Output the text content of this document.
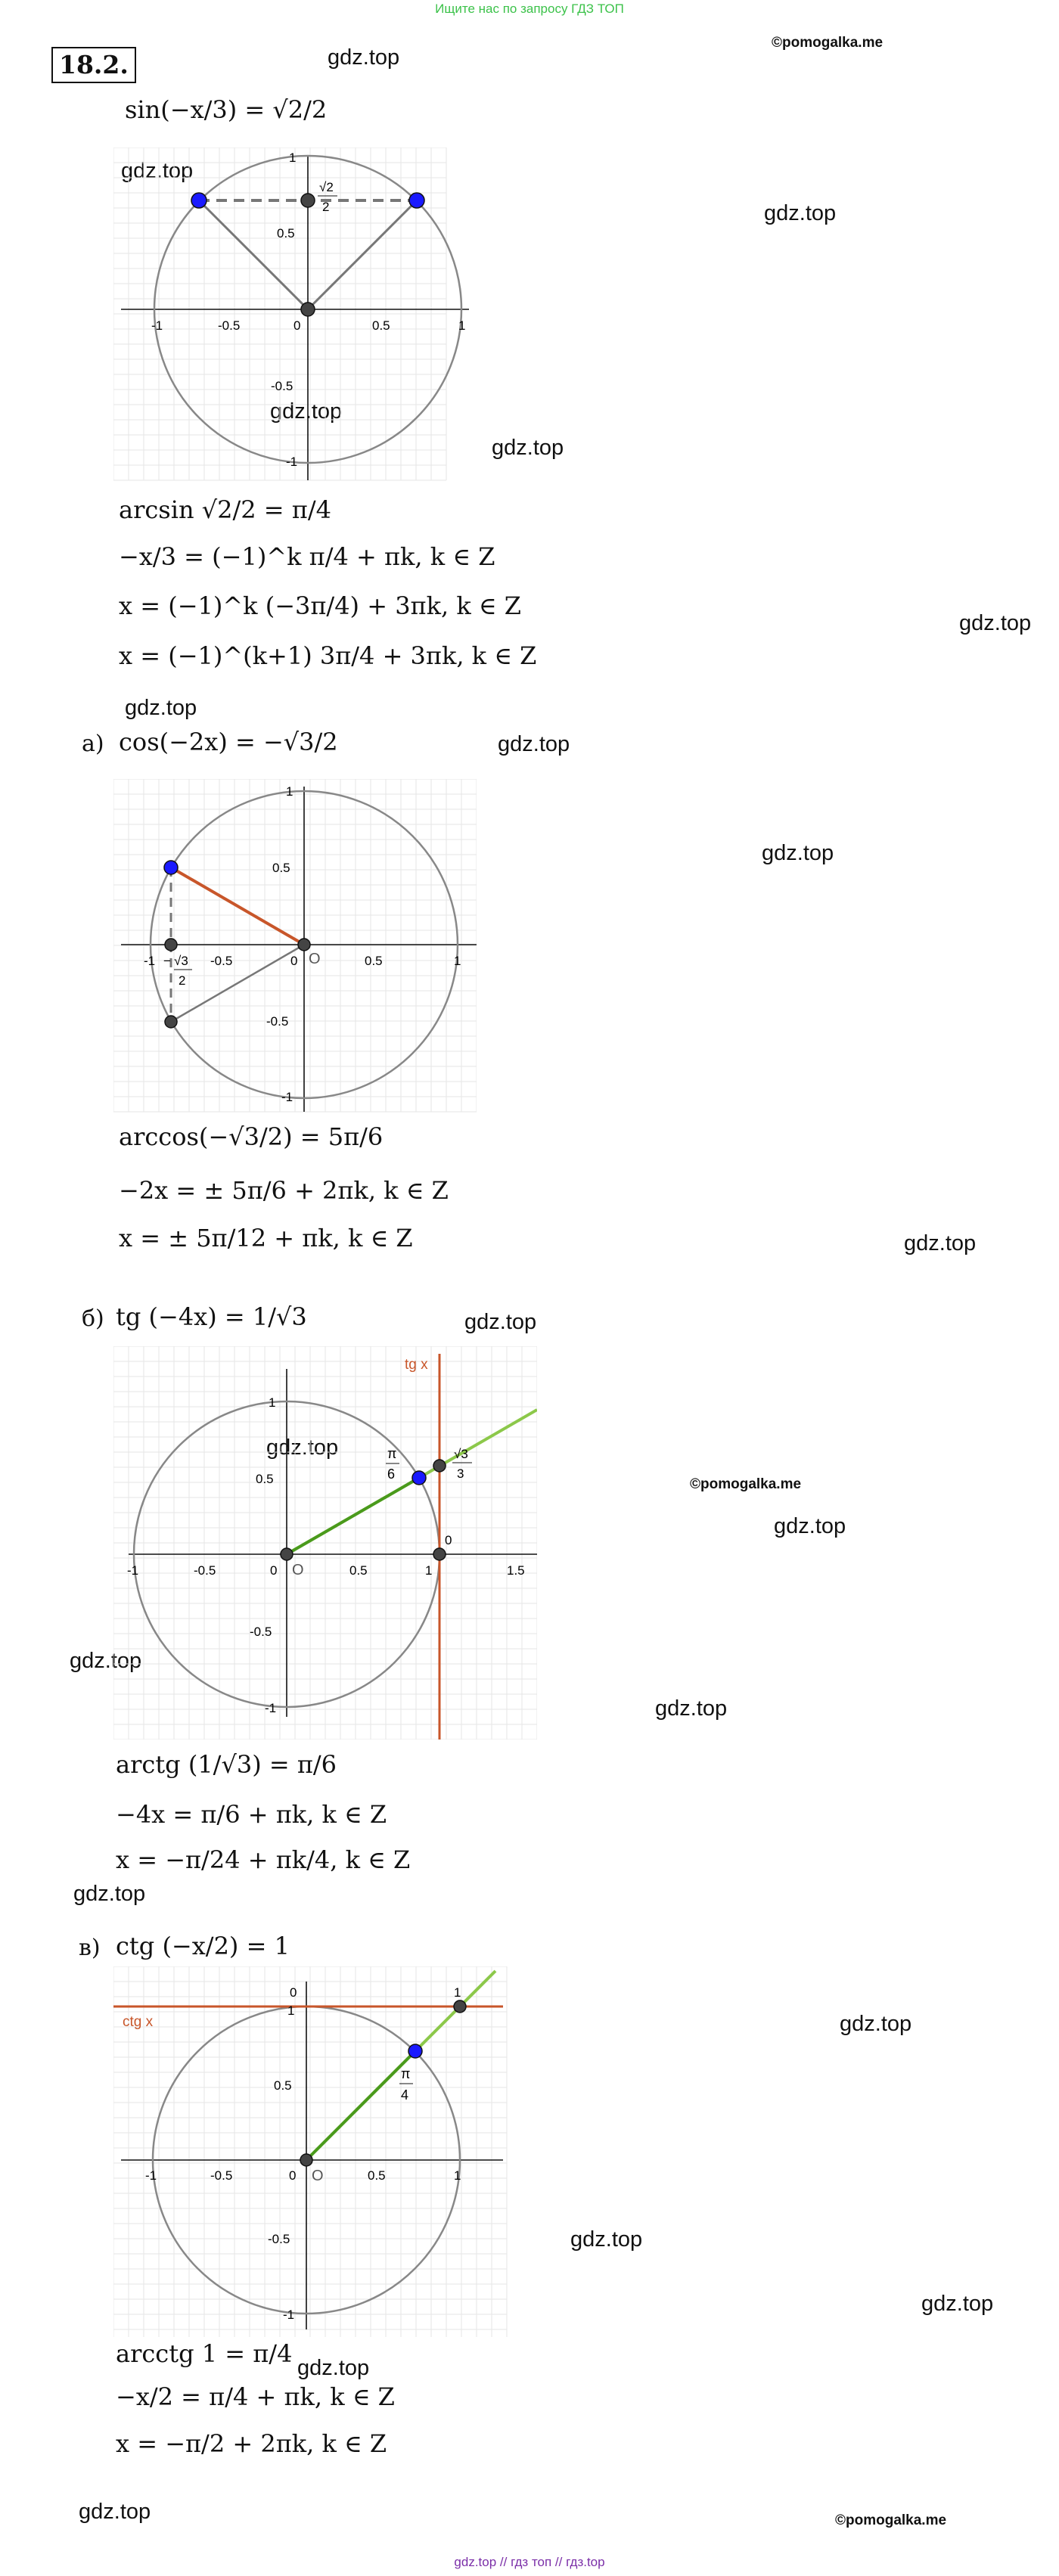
Ищите нас по запросу ГДЗ ТОП
18.2.
©pomogalka.me
gdz.top
gdz.top
gdz.top
gdz.top
gdz.top
gdz.top
gdz.top
gdz.top
gdz.top
gdz.top
gdz.top
gdz.top
©pomogalka.me
gdz.top
gdz.top
gdz.top
gdz.top
gdz.top
gdz.top
gdz.top
gdz.top
gdz.top	©pomogalka.me
sin(−x/3) = √2/2
√2
2
-1	-0.5	0	0.5	1
1
0.5
-0.5
-1
arcsin √2/2 = π/4
−x/3 = (−1)^k π/4 + πk, k ∈ Z
x = (−1)^k (−3π/4) + 3πk, k ∈ Z
x = (−1)^(k+1) 3π/4 + 3πk, k ∈ Z
а) cos(−2x) = −√3/2
√3
−
2
O
-1	-0.5	0	0.5	1
1
0.5
-0.5
-1
arccos(−√3/2) = 5π/6
−2x = ± 5π/6 + 2πk, k ∈ Z
x = ± 5π/12 + πk, k ∈ Z
б) tg (−4x) = 1/√3
tg x
π
6
√3
3
O
0
-1	-0.5	0	0.5	1	1.5
1
0.5
-0.5
-1
arctg (1/√3) = π/6
−4x = π/6 + πk, k ∈ Z
x = −π/24 + πk/4, k ∈ Z
в) ctg (−x/2) = 1
ctg x
π
4
O
0	1
-1	-0.5	0	0.5	1
1
0.5
-0.5
-1
arcctg 1 = π/4
−x/2 = π/4 + πk, k ∈ Z
x = −π/2 + 2πk, k ∈ Z
gdz.top // гдз топ // гдз.top
